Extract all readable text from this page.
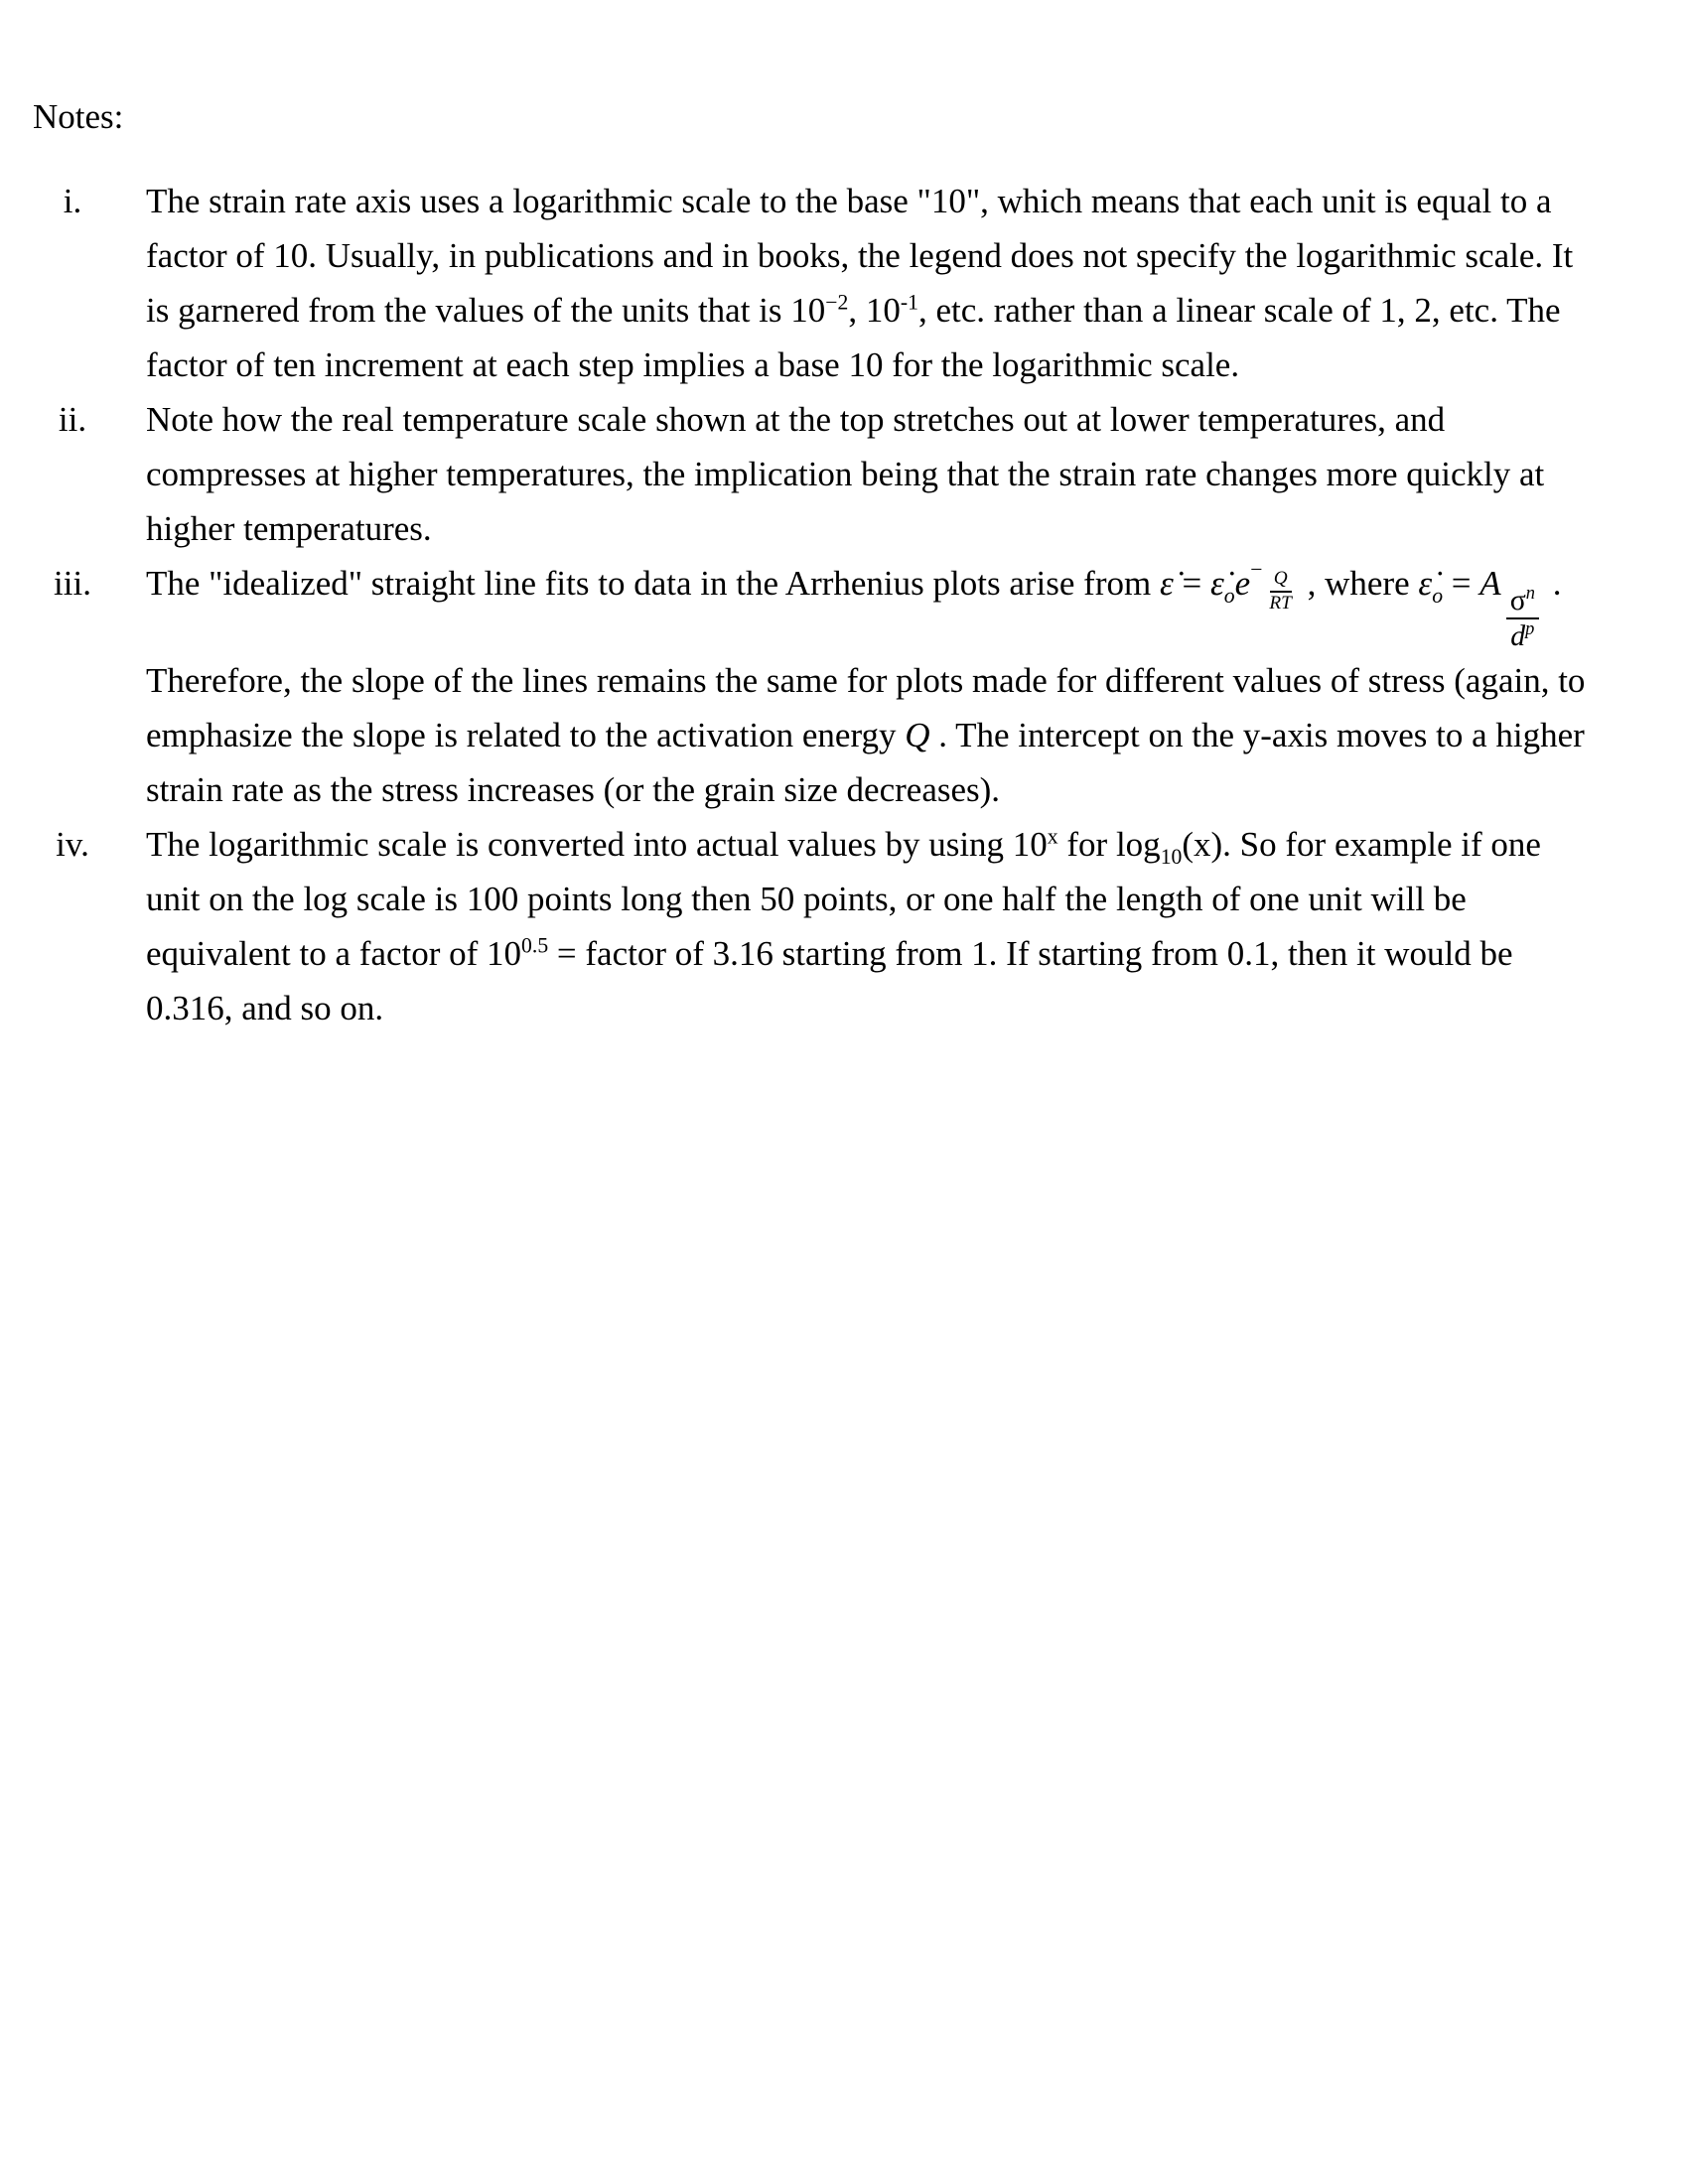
Notes:

i.	The strain rate axis uses a logarithmic scale to the base "10", which means that each unit is equal to a factor of 10. Usually, in publications and in books, the legend does not specify the logarithmic scale. It is garnered from the values of the units that is $10^{-2}$, $10^{-1}$, etc. rather than a linear scale of 1, 2, etc. The factor of ten increment at each step implies a base 10 for the logarithmic scale.
ii.	Note how the real temperature scale shown at the top stretches out at lower temperatures, and compresses at higher temperatures, the implication being that the strain rate changes more quickly at higher temperatures.
iii.	The "idealized" straight line fits to data in the Arrhenius plots arise from ε̇ = $\varepsiloṅ_oe^- \frac{Q}{RT}$ , where $\varepsiloṅ_o = A$
$\frac{\sigma^n}{d^p}$
. Therefore, the slope of the lines remains the same for plots made for different values of stress (again, to emphasize the slope is related to the activation energy Q . The intercept on the y-axis moves to a higher strain rate as the stress increases (or the grain size decreases).
iv.	The logarithmic scale is converted into actual values by using 10$^x$ for $\log_{10}(x)$. So for example if one unit on the log scale is 100 points long then 50 points, or one half the length of one unit will be equivalent to a factor of $10^{0.5}$ = factor of 3.16 starting from 1. If starting from 0.1, then it would be 0.316, and so on.
